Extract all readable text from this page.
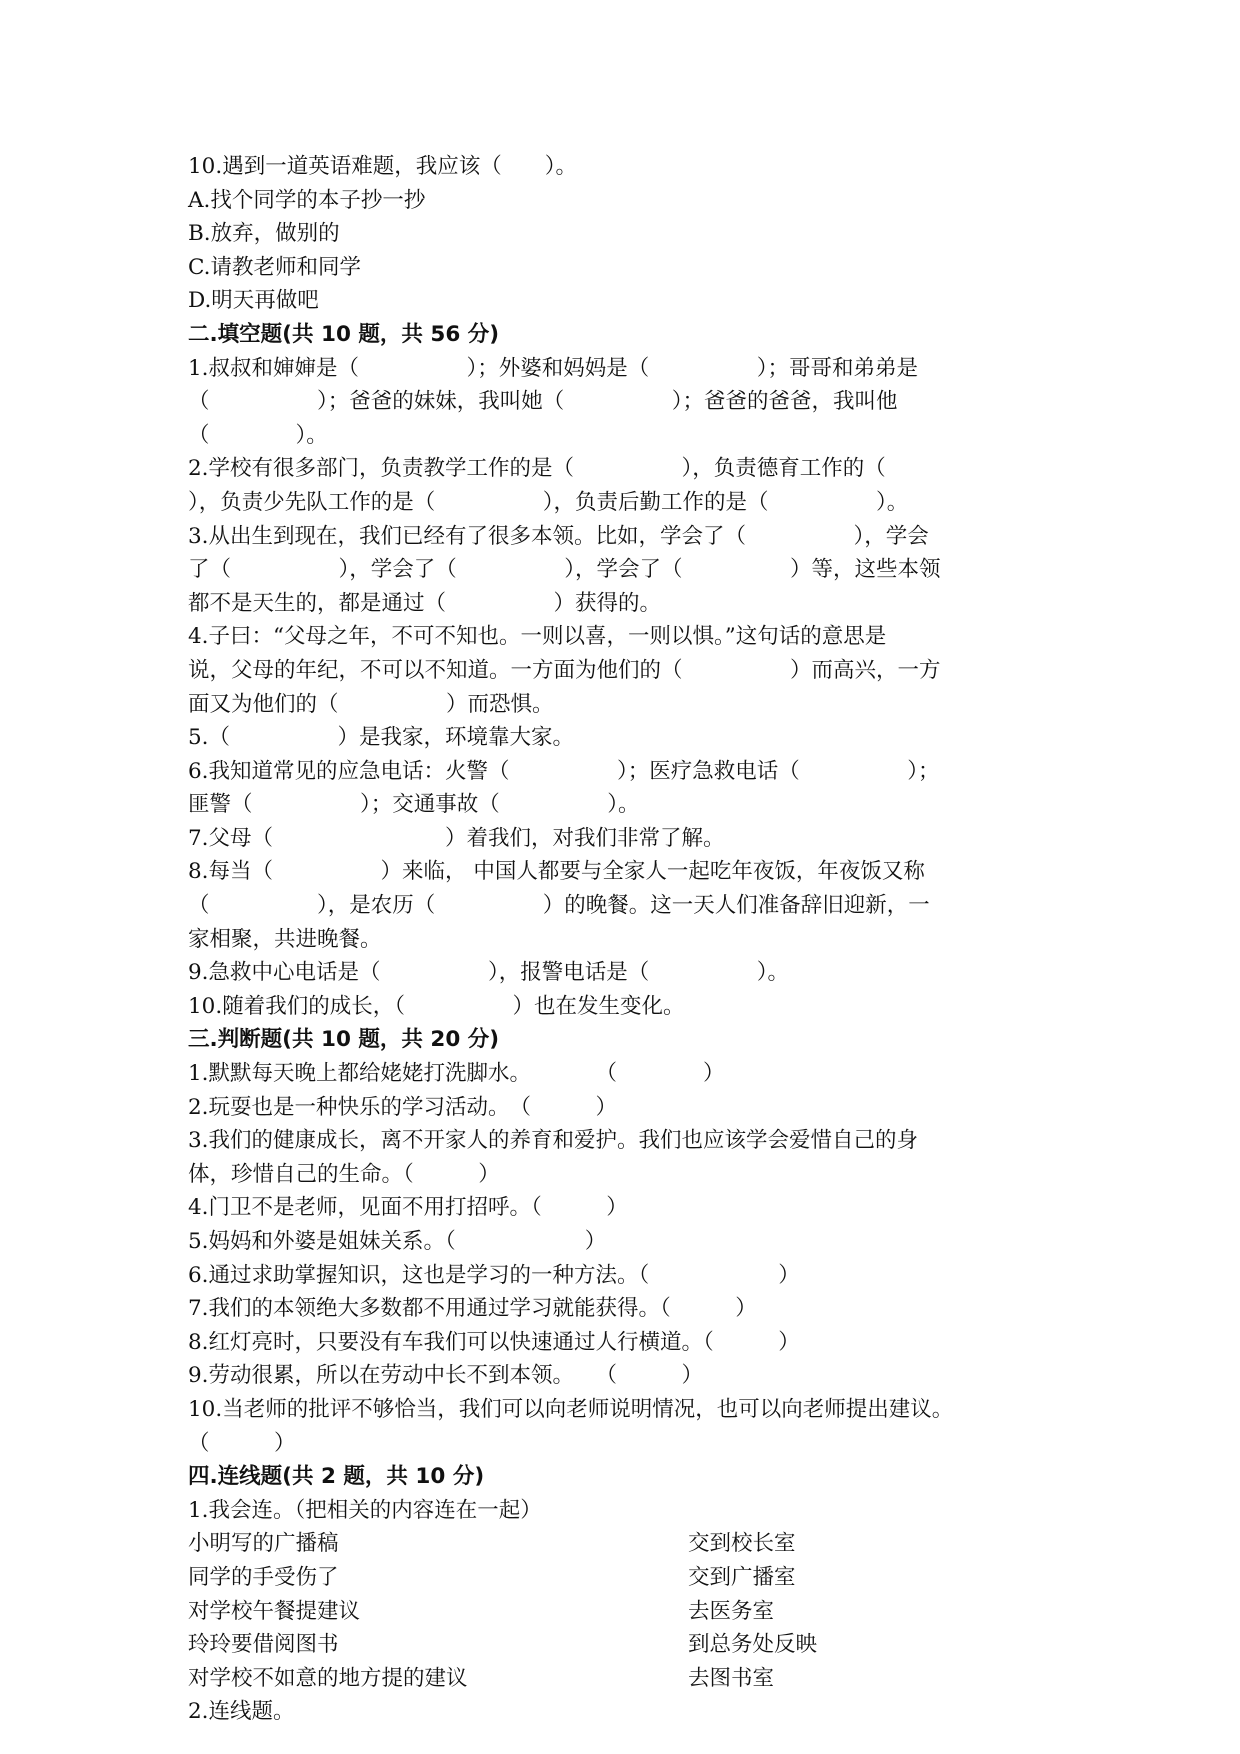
10.遇到一道英语难题，我应该（　　）。
A.找个同学的本子抄一抄
B.放弃，做别的
C.请教老师和同学
D.明天再做吧
二.填空题(共 10 题，共 56 分)
1.叔叔和婶婶是（　　　　　）；外婆和妈妈是（　　　　　）；哥哥和弟弟是
（　　　　　）；爸爸的妹妹，我叫她（　　　　　）；爸爸的爸爸，我叫他
（　　　　）。
2.学校有很多部门，负责教学工作的是（　　　　　），负责德育工作的（
），负责少先队工作的是（　　　　　），负责后勤工作的是（　　　　　）。
3.从出生到现在，我们已经有了很多本领。比如，学会了（　　　　　），学会
了（　　　　　），学会了（　　　　　），学会了（　　　　　）等，这些本领
都不是天生的，都是通过（　　　　　）获得的。
4.子曰：“父母之年，不可不知也。一则以喜，一则以惧。”这句话的意思是
说，父母的年纪，不可以不知道。一方面为他们的（　　　　　）而高兴，一方
面又为他们的（　　　　　）而恐惧。
5.（　　　　　）是我家，环境靠大家。
6.我知道常见的应急电话：火警（　　　　　）；医疗急救电话（　　　　　）；
匪警（　　　　　）；交通事故（　　　　　）。
7.父母（　　　　　　　　）着我们，对我们非常了解。
8.每当（　　　　　）来临， 中国人都要与全家人一起吃年夜饭，年夜饭又称
（　　　　　），是农历（　　　　　）的晚餐。这一天人们准备辞旧迎新，一
家相聚，共进晚餐。
9.急救中心电话是（　　　　　），报警电话是（　　　　　）。
10.随着我们的成长，（　　　　　）也在发生变化。
三.判断题(共 10 题，共 20 分)
1.默默每天晚上都给姥姥打洗脚水。　　　　（　　　　）
2.玩耍也是一种快乐的学习活动。　（　　　）
3.我们的健康成长，离不开家人的养育和爱护。我们也应该学会爱惜自己的身
体，珍惜自己的生命。（　　　）
4.门卫不是老师，见面不用打招呼。（　　　）
5.妈妈和外婆是姐妹关系。（　　　　　　）
6.通过求助掌握知识，这也是学习的一种方法。（　　　　　　）
7.我们的本领绝大多数都不用通过学习就能获得。（　　　）
8.红灯亮时，只要没有车我们可以快速通过人行横道。（　　　）
9.劳动很累，所以在劳动中长不到本领。　　（　　　）
10.当老师的批评不够恰当，我们可以向老师说明情况，也可以向老师提出建议。
（　　　）
四.连线题(共 2 题，共 10 分)
1.我会连。（把相关的内容连在一起）
小明写的广播稿	交到校长室
同学的手受伤了	交到广播室
对学校午餐提建议	去医务室
玲玲要借阅图书	到总务处反映
对学校不如意的地方提的建议	去图书室
2.连线题。
